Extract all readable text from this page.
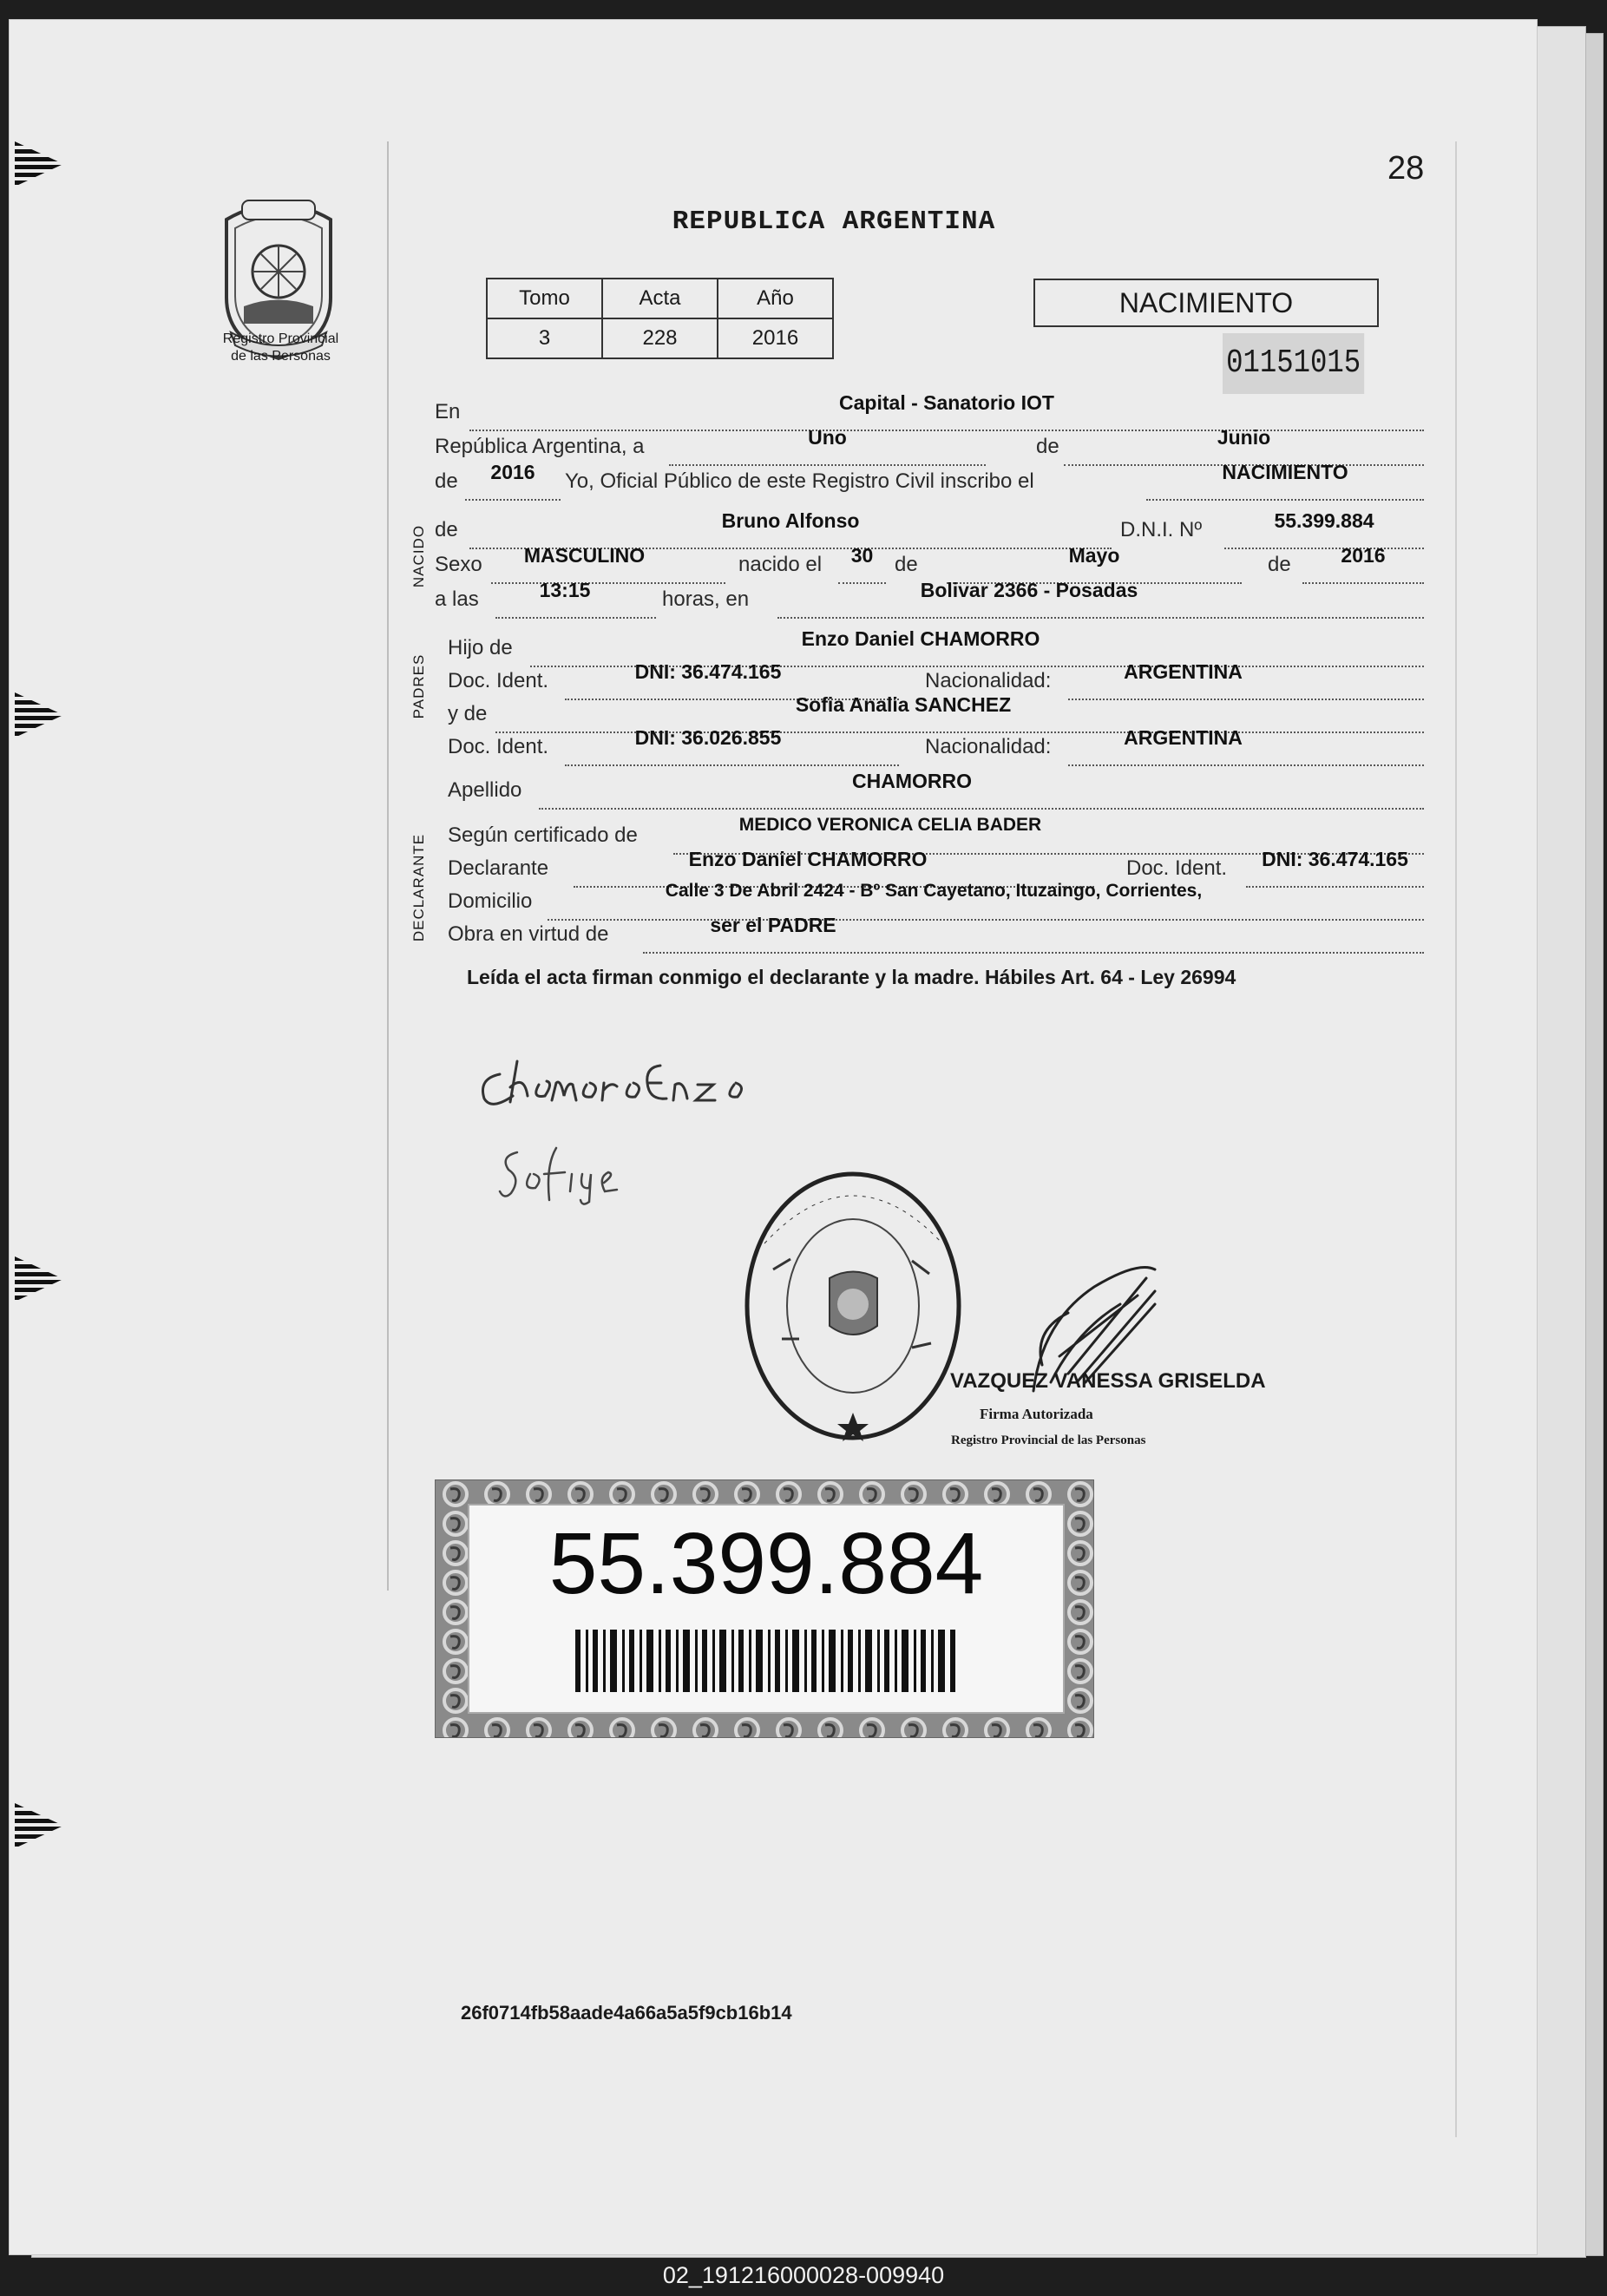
28
Registro Provincial
de las Personas
REPUBLICA ARGENTINA
Tomo	Acta	Año
3	228	2016
NACIMIENTO
01151015
NACIDO
PADRES
DECLARANTE
En	Capital - Sanatorio IOT
República Argentina, a	Uno	de	Junio
de	2016	Yo, Oficial Público de este Registro Civil inscribo el	NACIMIENTO
de	Bruno Alfonso	D.N.I. Nº	55.399.884
Sexo	MASCULINO	nacido el	30	de	Mayo	de	2016
a las	13:15	horas, en	Bolivar 2366 - Posadas
Hijo de	Enzo Daniel CHAMORRO
Doc. Ident.	DNI: 36.474.165	Nacionalidad:	ARGENTINA
y de	Sofia Analia SANCHEZ
Doc. Ident.	DNI: 36.026.855	Nacionalidad:	ARGENTINA
Apellido	CHAMORRO
Según certificado de	MEDICO VERONICA CELIA BADER
Declarante	Enzo Daniel CHAMORRO	Doc. Ident.	DNI: 36.474.165
Domicilio	Calle 3 De Abril 2424 - Bº San Cayetano, Ituzaingo, Corrientes,
Obra en virtud de	ser el PADRE
Leída el acta firman conmigo el declarante y la madre. Hábiles Art. 64 - Ley 26994
VAZQUEZ VANESSA GRISELDA
Firma Autorizada
Registro Provincial de las Personas
55.399.884
26f0714fb58aade4a66a5a5f9cb16b14
02_191216000028-009940
